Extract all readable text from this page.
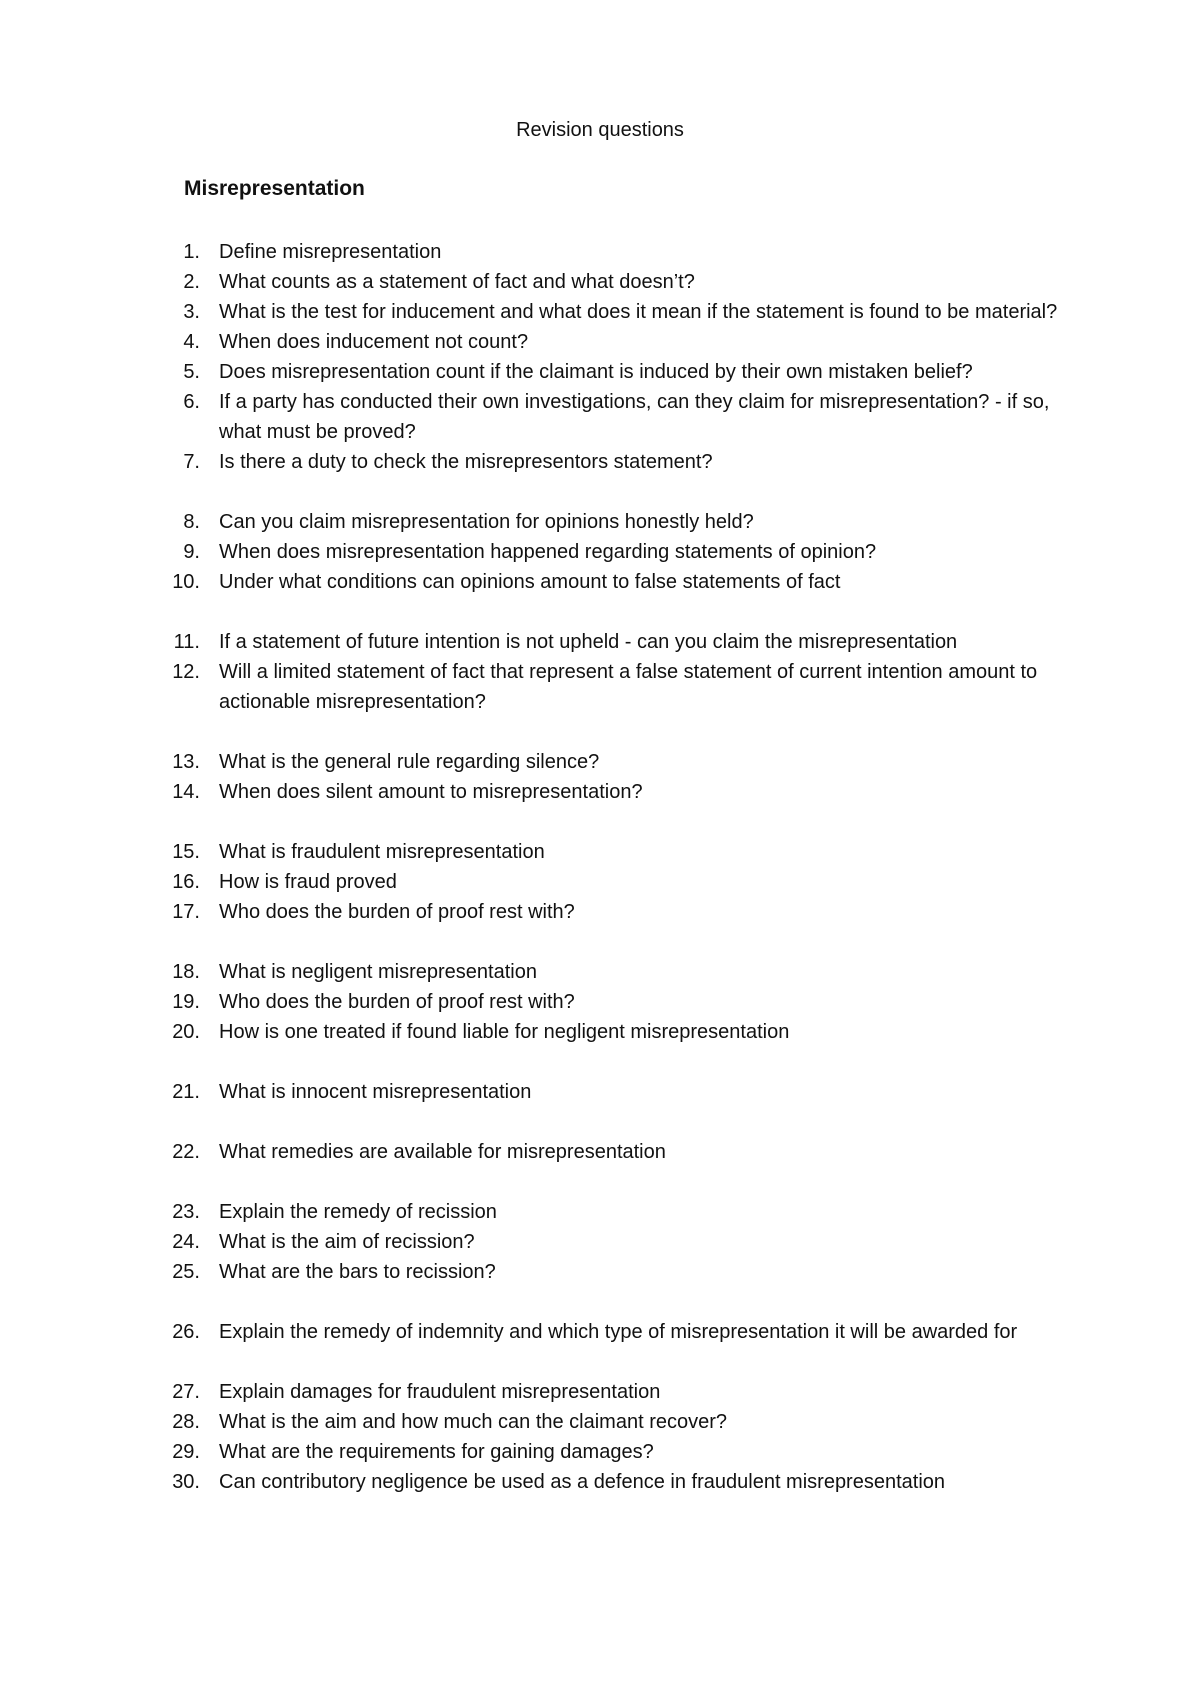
Revision questions
Misrepresentation
1. Define misrepresentation
2. What counts as a statement of fact and what doesn’t?
3. What is the test for inducement and what does it mean if the statement is found to be material?
4. When does inducement not count?
5. Does misrepresentation count if the claimant is induced by their own mistaken belief?
6. If a party has conducted their own investigations, can they claim for misrepresentation? - if so, what must be proved?
7. Is there a duty to check the misrepresentors statement?
8. Can you claim misrepresentation for opinions honestly held?
9. When does misrepresentation happened regarding statements of opinion?
10. Under what conditions can opinions amount to false statements of fact
11. If a statement of future intention is not upheld - can you claim the misrepresentation
12. Will a limited statement of fact that represent a false statement of current intention amount to actionable misrepresentation?
13. What is the general rule regarding silence?
14. When does silent amount to misrepresentation?
15. What is fraudulent misrepresentation
16. How is fraud proved
17. Who does the burden of proof rest with?
18. What is negligent misrepresentation
19. Who does the burden of proof rest with?
20. How is one treated if found liable for negligent misrepresentation
21. What is innocent misrepresentation
22. What remedies are available for misrepresentation
23. Explain the remedy of recission
24. What is the aim of recission?
25. What are the bars to recission?
26. Explain the remedy of indemnity and which type of misrepresentation it will be awarded for
27. Explain damages for fraudulent misrepresentation
28. What is the aim and how much can the claimant recover?
29. What are the requirements for gaining damages?
30. Can contributory negligence be used as a defence in fraudulent misrepresentation
